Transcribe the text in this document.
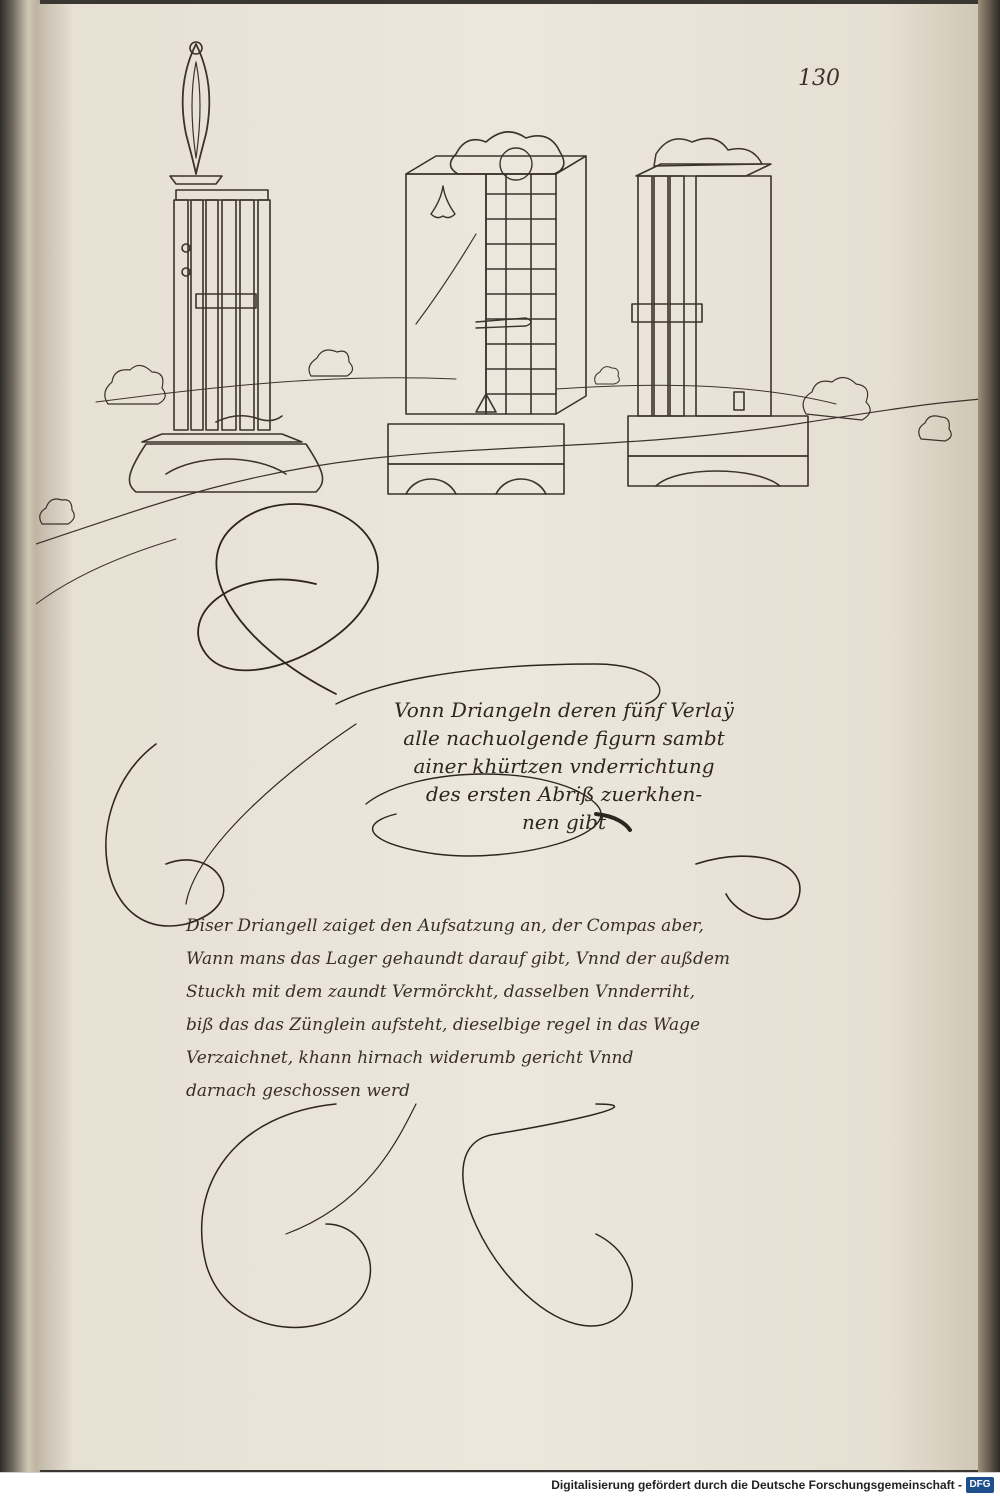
130
Vonn Driangeln deren fünf Verlaÿ
alle nachuolgende figurn sambt
ainer khürtzen vnderrichtung
des ersten Abriß zuerkhen-
nen gibt
Diser Driangell zaiget den Aufsatzung an, der Compas aber,
Wann mans das Lager gehaundt darauf gibt, Vnnd der außdem
Stuckh mit dem zaundt Vermörckht, dasselben Vnnderriht,
biß das das Zünglein aufsteht, dieselbige regel in das Wage
Verzaichnet, khann hirnach widerumb gericht Vnnd
darnach geschossen werd
Digitalisierung gefördert durch die Deutsche Forschungsgemeinschaft - DFG
